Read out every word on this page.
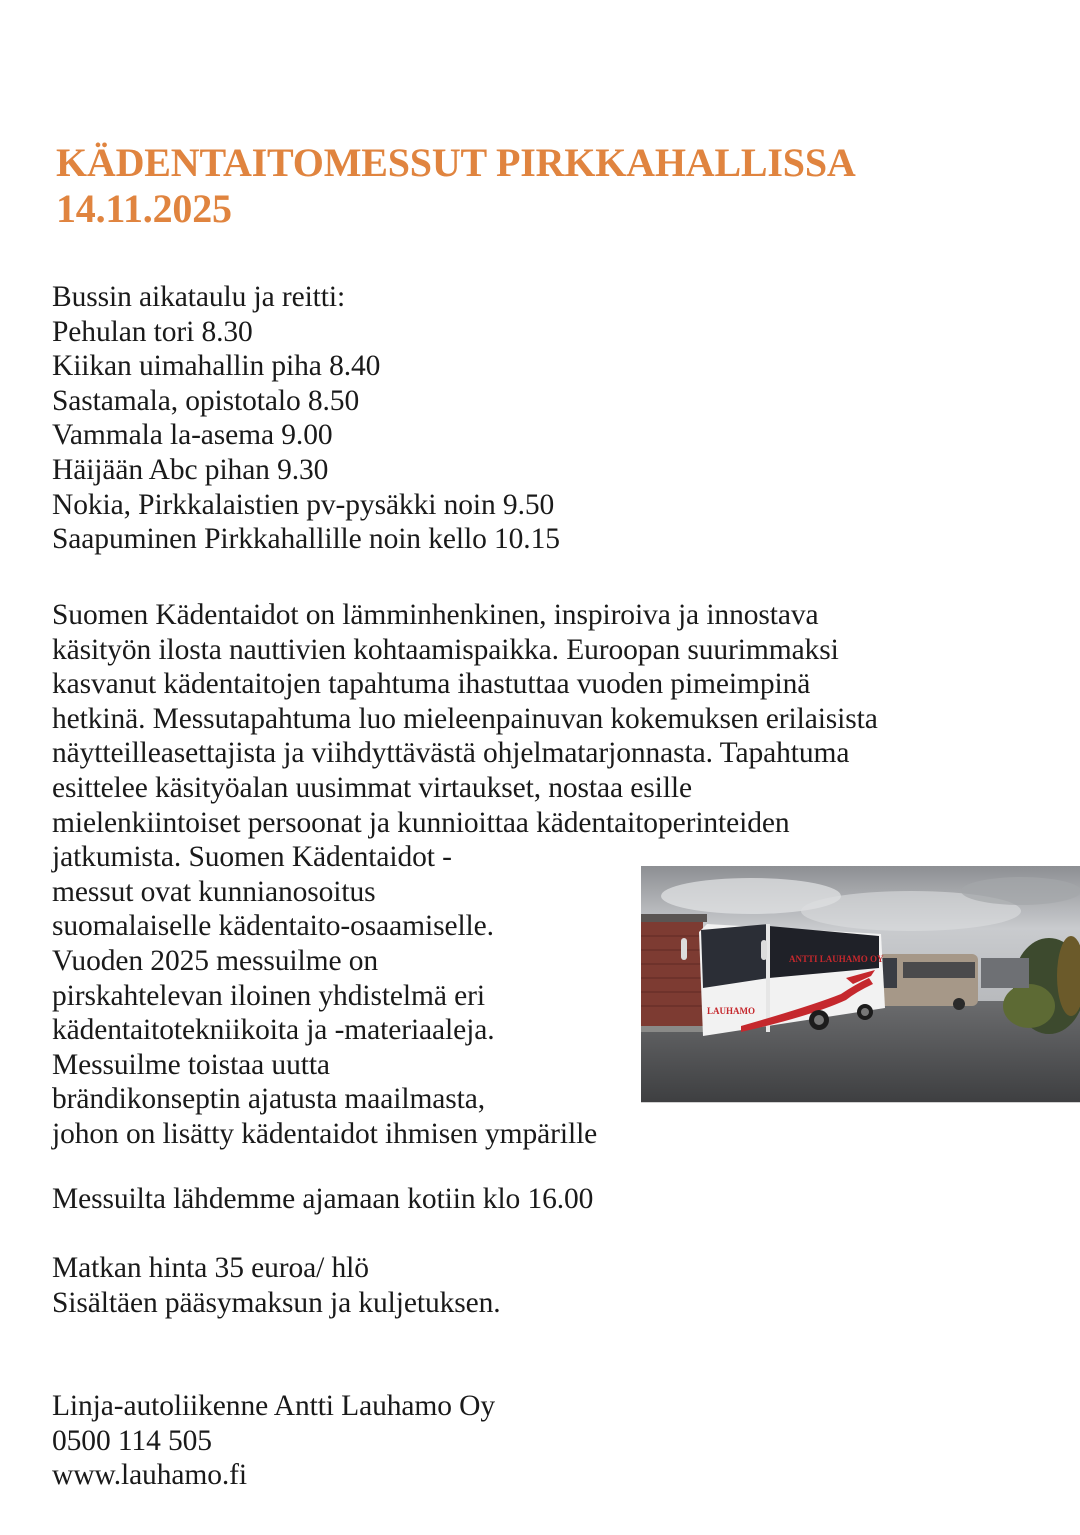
KÄDENTAITOMESSUT PIRKKAHALLISSA
14.11.2025
Bussin aikataulu ja reitti:
Pehulan tori 8.30
Kiikan uimahallin piha 8.40
Sastamala, opistotalo 8.50
Vammala la-asema 9.00
Häijään Abc pihan 9.30
Nokia, Pirkkalaistien pv-pysäkki noin 9.50
Saapuminen Pirkkahallille noin kello 10.15
Suomen Kädentaidot on lämminhenkinen, inspiroiva ja innostava
käsityön ilosta nauttivien kohtaamispaikka. Euroopan suurimmaksi
kasvanut kädentaitojen tapahtuma ihastuttaa vuoden pimeimpinä
hetkinä. Messutapahtuma luo mieleenpainuvan kokemuksen erilaisista
näytteilleasettajista ja viihdyttävästä ohjelmatarjonnasta. Tapahtuma
esittelee käsityöalan uusimmat virtaukset, nostaa esille
mielenkiintoiset persoonat ja kunnioittaa kädentaitoperinteiden
jatkumista. Suomen Kädentaidot -
messut ovat kunnianosoitus
suomalaiselle kädentaito-osaamiselle.
Vuoden 2025 messuilme on
pirskahtelevan iloinen yhdistelmä eri
kädentaitotekniikoita ja -materiaaleja.
Messuilme toistaa uutta
brändikonseptin ajatusta maailmasta,
johon on lisätty kädentaidot ihmisen ympärille
ANTTI LAUHAMO OY
LAUHAMO
Messuilta lähdemme ajamaan kotiin klo 16.00
Matkan hinta 35 euroa/ hlö
Sisältäen pääsymaksun ja kuljetuksen.
Linja-autoliikenne Antti Lauhamo Oy
0500 114 505
www.lauhamo.fi
